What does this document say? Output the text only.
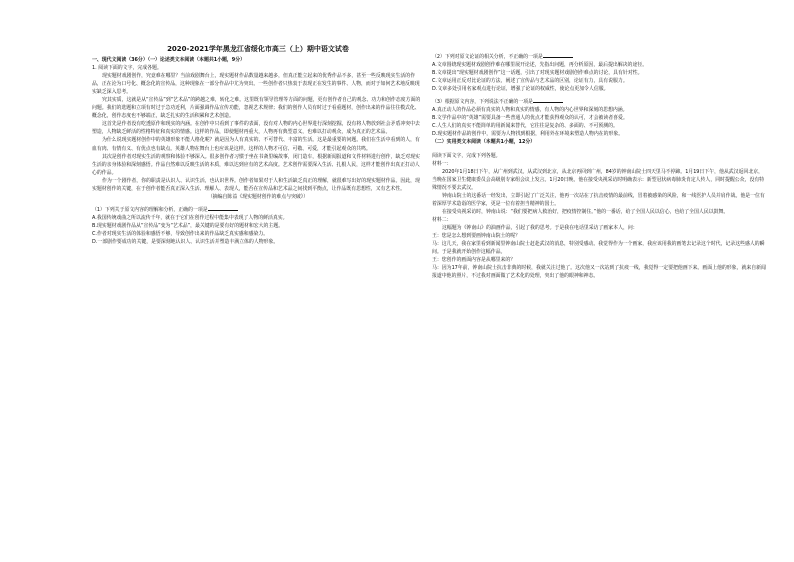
2020-2021学年黑龙江省绥化市高三（上）期中语文试卷

一、现代文阅读（36分）（一）论述类文本阅读（本题共1小题，9分）

1. 阅读下面的文字，完成各题。

现实题材戏剧创作，究竟难在哪里？当前戏剧舞台上，现实题材作品数量越来越多，但真正能立起来的优秀作品不多，甚至一些反映现实生活的作品，正在沦为口号化、概念化的宣传品，这种现象在一部分作品中尤为突出。一些创作者只热衷于表现正在发生的事件、人物，而对于如何艺术地反映现实缺乏深入思考。

究其实质，这就是从“宣传品”到“艺术品”的跨越之难，转化之难。这里既有领导管理等方面的问题，更有创作者自己的观念、功力和创作态度方面的问题。我们的选题和立项有时过于急功近利，片面强调作品宣传功能，忽视艺术规律；我们的创作人员有时过于看重题材，创作出来的作品往往模式化、概念化，创作态度也不够端正，缺乏扎实的生活积累和艺术创造。

这首先是作者没有吃透原作和现实的内涵。在创作中只看到了事件的表面，没有对人物的内心世界进行深刻挖掘，没有将人物放到社会矛盾冲突中去塑造，人物缺乏鲜活的性格特征和真实的情感。这样的作品，即使题材再重大，人物再有典型意义，也难以打动观众，成为真正的艺术品。

为什么说现实题材创作中的英雄形象不能人格化呢？就是因为人有真实的、不可替代、丰富的生活。这是最重要的问题。我们在生活中看到的人，有血有肉、有情有义、有优点也有缺点。英雄人物在舞台上也应该是这样。这样的人物才可信、可敬、可爱，才能引起观众的共鸣。

其次是创作者对现实生活的观察和体验不够深入。很多创作者习惯于坐在书斋里编故事，闭门造车，根据新闻报道和文件材料进行创作，缺乏对现实生活的亲身体验和深刻感悟。作品自然难以反映生活的本质，难以达到应有的艺术高度。艺术创作需要深入生活、扎根人民，这样才能创作出真正打动人心的作品。

作为一个剧作者，你的职责是认识人、认识生活，也认识世界。创作者如果对于人和生活缺乏真正的理解，就很难写出好的现实题材作品。因此，现实题材创作的关键，在于创作者能否真正深入生活、理解人、表现人，能否在宣传品和艺术品之间找到平衡点，让作品既有思想性，又有艺术性。

（摘编自陈益《现实题材创作的难点与突破》）

（1）下列关于原文内容的理解和分析，正确的一项是

A.我国传统戏曲之所以流传千年，就在于它们在创作过程中能集中表现了人物的鲜活真实。

B.现实题材戏剧作品从“宣传品”变为“艺术品”，最关键的是要有好的题材和宏大的主题。

C.作者对现实生活的体验和感悟不够，导致创作出来的作品缺乏真实感和感染力。

D.一部剧作要成功的关键，是要深刻地认识人、认识生活并塑造丰满立体的人物形象。

（2）下列对原文论证的相关分析，不正确的一项是

A.文章围绕现实题材戏剧创作难在哪里展开论述，先指出问题，再分析原因，最后提出解决的途径。

B.文章提出“现实题材戏剧创作”这一话题，引出了对现实题材戏剧创作难点的讨论，具有针对性。

C.文章运用正反对比论证的方法，阐述了宣传品与艺术品的区别，论证有力，具有说服力。

D.文章多处引用名家观点进行论证，增强了论证的权威性，使论点更加令人信服。

（3）根据原文内容，下列说法不正确的一项是

A.真正动人的作品必须有真实的人物和真实的情感，有人物的内心世界和深刻的思想内涵。

B.文学作品中的“英雄”需要具备一些普通人的优点才能获得观众的认可，才会被读者喜爱。

C.人生人们的真实不能简单的用新闻来替代，它往往是复杂的、多面的、不可预测的。

D.现实题材作品的创作中，需要为人物找到根据，利用外在环境来塑造人物内在的形象。

（二）实用类文本阅读（本题共1小题，12分）

阅读下面文字，完成下列各题。

材料一：

2020年1月18日下午，从广州到武汉。从武汉到北京，从北京再回到广州，84岁的钟南山院士四天里马不停蹄。1月19日下午，他从武汉返回北京，当晚在国家卫生健康委员会高级别专家组会议上发言。1月20日晚，他在接受央视采访时明确表示：新型冠状病毒肺炎肯定人传人，同时提醒公众，没有特殊情况不要去武汉。

钟南山院士的这番话一经发出，立即引起了广泛关注，他再一次站在了抗击疫情的最前线，冒着被感染的风险，和一线医护人员并肩作战。他是一位有着深厚学术造诣的医学家，更是一位有着担当精神的国士。

在接受央视采访时，钟南山说：“我们要把病人救治好，把疫情控制住。”他的一番话，给了全国人民以信心，也给了全国人民以鼓舞。

材料二：

这幅题为《钟南山》的油画作品，引起了我的思考。于是我在电话里采访了画家本人，问：

王：您是怎么想到要画钟南山院士的呢？

马：这几天，我在家里看到新闻里钟南山院士赶赴武汉的消息，特别受感动。我觉得作为一个画家，我应该用我的画笔去记录这个时代，记录这些感人的瞬间。于是我就开始创作这幅作品。

王：您创作的画面内容是从哪里来的？

马：因为17年前，钟南山院士抗击非典的时候，我就关注过他了。这次他又一次站到了抗疫一线，我觉得一定要把他画下来。画面上他的形象，就来自新闻报道中他的照片，不过我对画面做了艺术化的处理，突出了他的眼神和神态。
